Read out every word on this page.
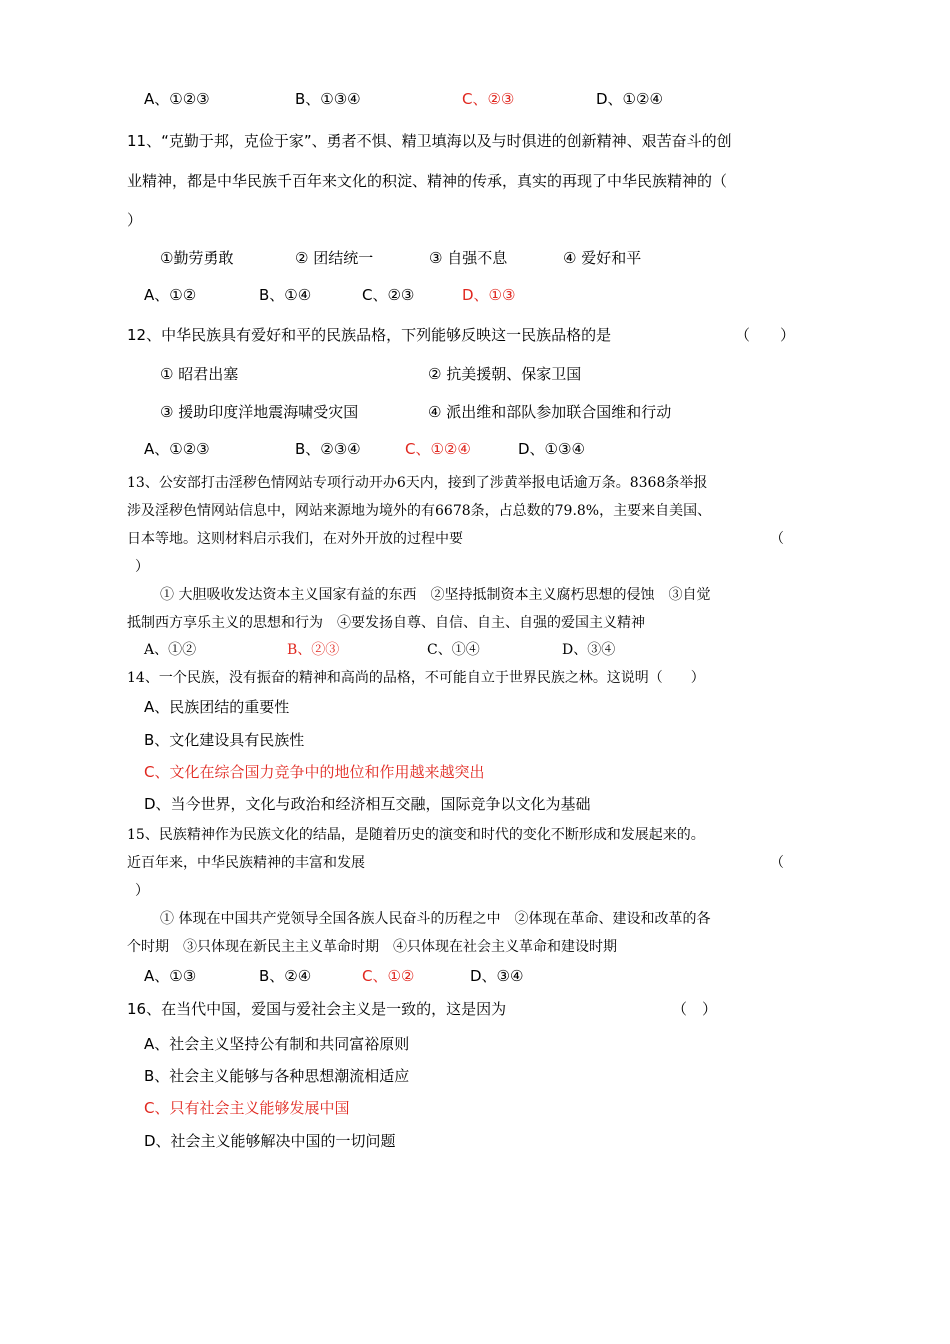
A、①②③	B、①③④	C、②③	D、①②④
11、“克勤于邦，克俭于家”、勇者不惧、精卫填海以及与时俱进的创新精神、艰苦奋斗的创
业精神，都是中华民族千百年来文化的积淀、精神的传承，真实的再现了中华民族精神的（
）
①勤劳勇敢	② 团结统一	③ 自强不息	④ 爱好和平
A、①②	B、①④	C、②③	D、①③
12、中华民族具有爱好和平的民族品格，下列能够反映这一民族品格的是	（　　）
① 昭君出塞	② 抗美援朝、保家卫国
③ 援助印度洋地震海啸受灾国	④ 派出维和部队参加联合国维和行动
A、①②③	B、②③④	C、①②④	D、①③④
13、公安部打击淫秽色情网站专项行动开办6天内，接到了涉黄举报电话逾万条。8368条举报
涉及淫秽色情网站信息中，网站来源地为境外的有6678条，占总数的79.8%，主要来自美国、
日本等地。这则材料启示我们，在对外开放的过程中要	（
）
① 大胆吸收发达资本主义国家有益的东西　②坚持抵制资本主义腐朽思想的侵蚀　③自觉
抵制西方享乐主义的思想和行为　④要发扬自尊、自信、自主、自强的爱国主义精神
A、①②	B、②③	C、①④	D、③④
14、一个民族，没有振奋的精神和高尚的品格，不可能自立于世界民族之林。这说明（　　）
A、民族团结的重要性
B、文化建设具有民族性
C、文化在综合国力竞争中的地位和作用越来越突出
D、当今世界，文化与政治和经济相互交融，国际竞争以文化为基础
15、民族精神作为民族文化的结晶，是随着历史的演变和时代的变化不断形成和发展起来的。
近百年来，中华民族精神的丰富和发展	（
）
① 体现在中国共产党领导全国各族人民奋斗的历程之中　②体现在革命、建设和改革的各
个时期　③只体现在新民主主义革命时期　④只体现在社会主义革命和建设时期
A、①③	B、②④	C、①②	D、③④
16、在当代中国，爱国与爱社会主义是一致的，这是因为	（　）
A、社会主义坚持公有制和共同富裕原则
B、社会主义能够与各种思想潮流相适应
C、只有社会主义能够发展中国
D、社会主义能够解决中国的一切问题
